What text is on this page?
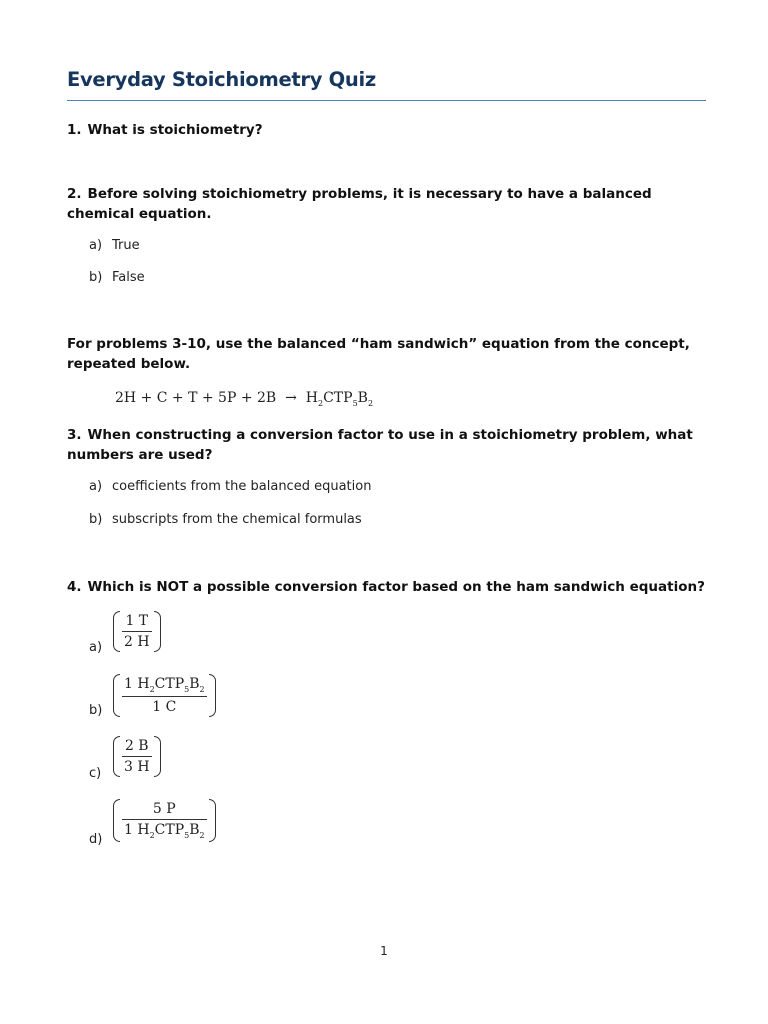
Everyday Stoichiometry Quiz
1. What is stoichiometry?
2. Before solving stoichiometry problems, it is necessary to have a balanced chemical equation.
a) True
b) False
For problems 3-10, use the balanced “ham sandwich” equation from the concept, repeated below.
$2H + C + T + 5P + 2B \to H_2CTP_5B_2$
3. When constructing a conversion factor to use in a stoichiometry problem, what numbers are used?
a) coefficients from the balanced equation
b) subscripts from the chemical formulas
4. Which is NOT a possible conversion factor based on the ham sandwich equation?
$a) \frac{1 T}{2 H}$
$b) \frac{1 H_2CTP_5B_2}{1 C}$
$c) \frac{2 B}{3 H}$
$d) \frac{5 P}{1 H_2CTP_5B_2}$
1
